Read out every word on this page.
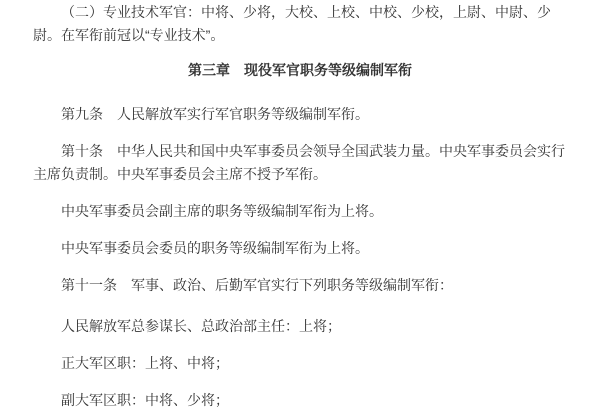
（二）专业技术军官：中将、少将，大校、上校、中校、少校，上尉、中尉、少尉。在军衔前冠以“专业技术”。

第三章　现役军官职务等级编制军衔

第九条　人民解放军实行军官职务等级编制军衔。

第十条　中华人民共和国中央军事委员会领导全国武装力量。中央军事委员会实行主席负责制。中央军事委员会主席不授予军衔。

中央军事委员会副主席的职务等级编制军衔为上将。

中央军事委员会委员的职务等级编制军衔为上将。

第十一条　军事、政治、后勤军官实行下列职务等级编制军衔：

人民解放军总参谋长、总政治部主任：上将；

正大军区职：上将、中将；

副大军区职：中将、少将；
